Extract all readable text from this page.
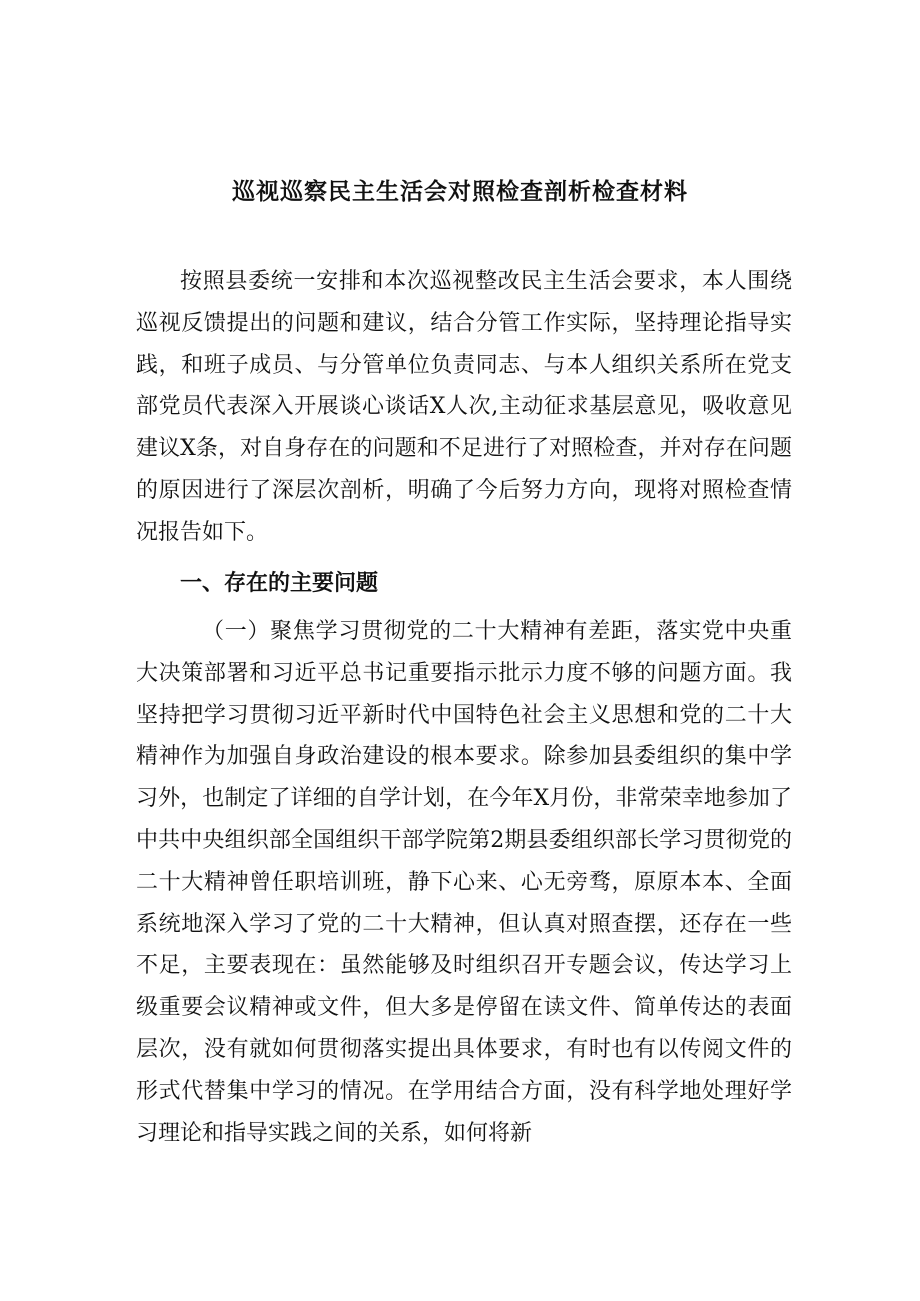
巡视巡察民主生活会对照检查剖析检查材料

按照县委统一安排和本次巡视整改民主生活会要求，本人围绕巡视反馈提出的问题和建议，结合分管工作实际，坚持理论指导实践，和班子成员、与分管单位负责同志、与本人组织关系所在党支部党员代表深入开展谈心谈话X人次,主动征求基层意见，吸收意见建议X条，对自身存在的问题和不足进行了对照检查，并对存在问题的原因进行了深层次剖析，明确了今后努力方向，现将对照检查情况报告如下。

一、存在的主要问题

（一）聚焦学习贯彻党的二十大精神有差距，落实党中央重大决策部署和习近平总书记重要指示批示力度不够的问题方面。我坚持把学习贯彻习近平新时代中国特色社会主义思想和党的二十大精神作为加强自身政治建设的根本要求。除参加县委组织的集中学习外，也制定了详细的自学计划，在今年X月份，非常荣幸地参加了中共中央组织部全国组织干部学院第2期县委组织部长学习贯彻党的二十大精神曾任职培训班，静下心来、心无旁骛，原原本本、全面系统地深入学习了党的二十大精神，但认真对照查摆，还存在一些不足，主要表现在：虽然能够及时组织召开专题会议，传达学习上级重要会议精神或文件，但大多是停留在读文件、简单传达的表面层次，没有就如何贯彻落实提出具体要求，有时也有以传阅文件的形式代替集中学习的情况。在学用结合方面，没有科学地处理好学习理论和指导实践之间的关系，如何将新
